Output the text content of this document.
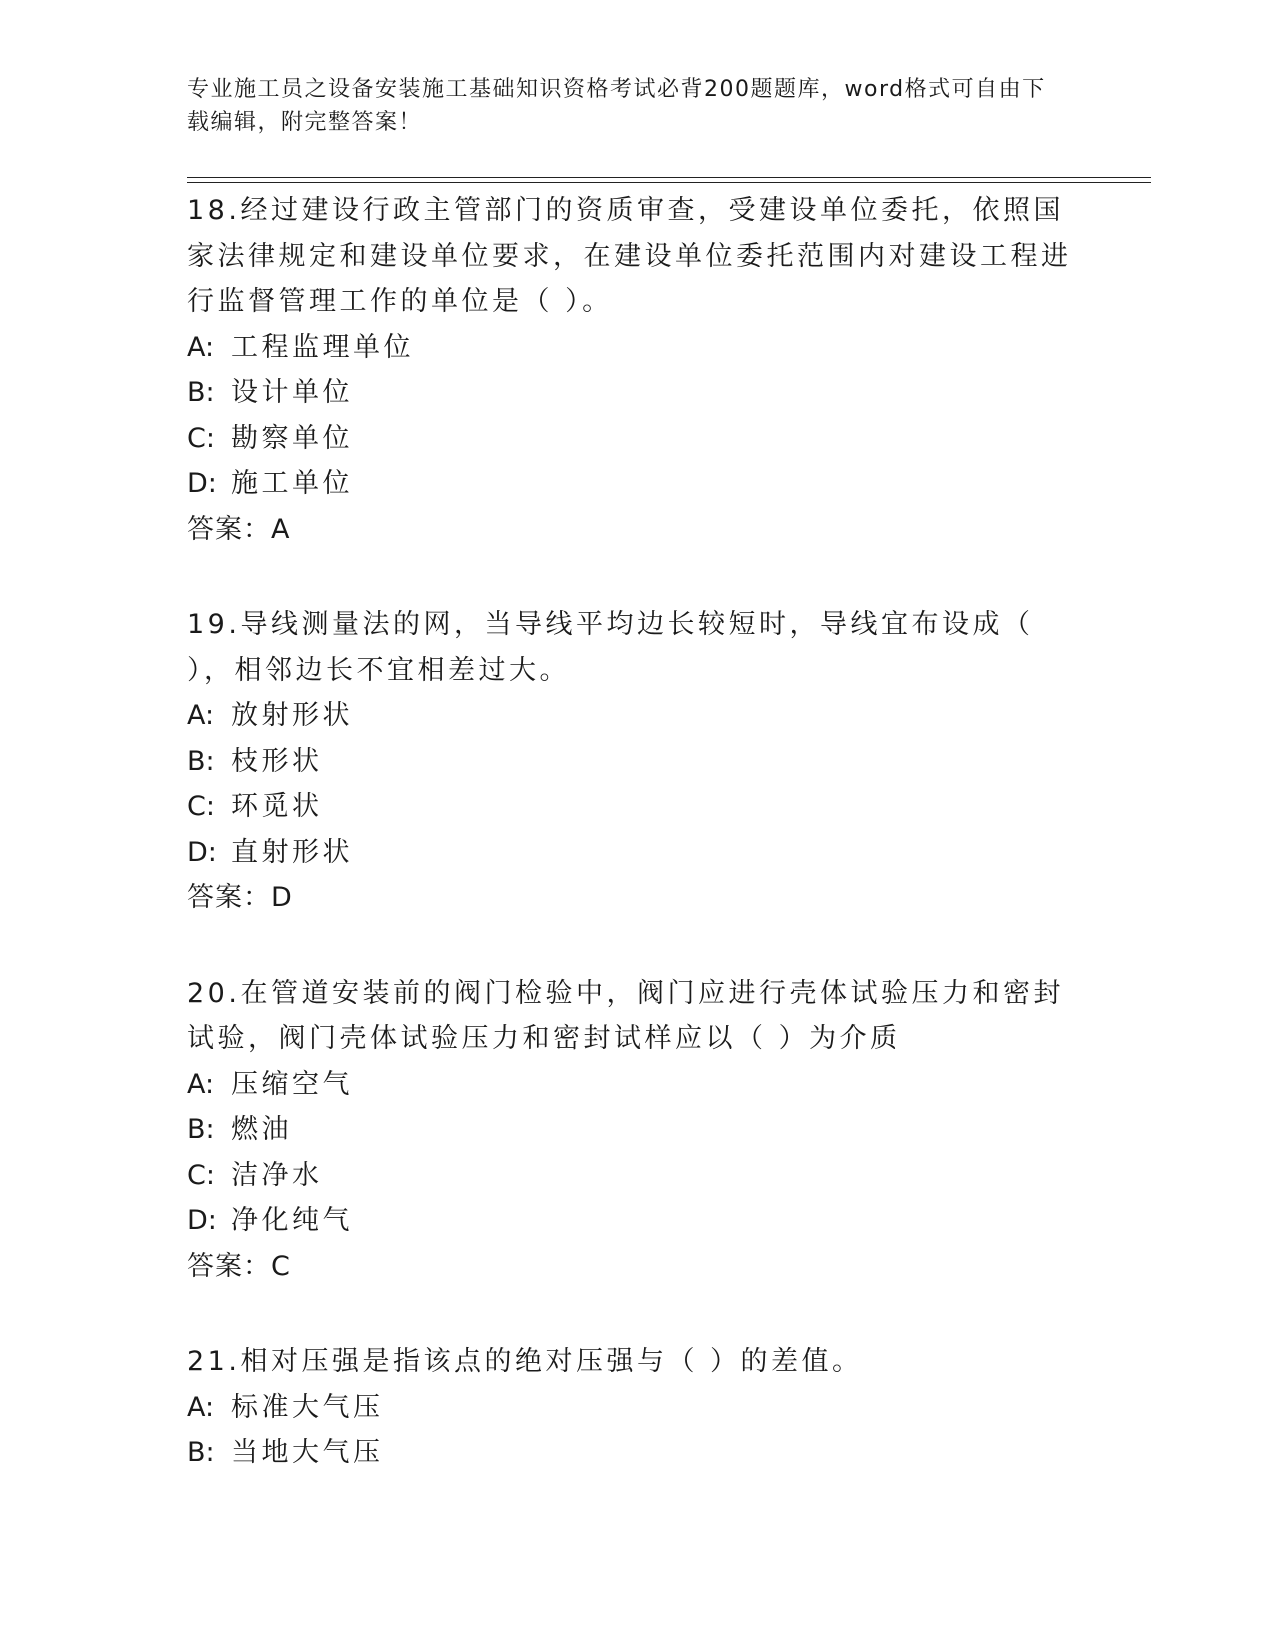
专业施工员之设备安装施工基础知识资格考试必背200题题库，word格式可自由下载编辑，附完整答案！
18.经过建设行政主管部门的资质审查，受建设单位委托，依照国家法律规定和建设单位要求，在建设单位委托范围内对建设工程进行监督管理工作的单位是（ ）。
A: 工程监理单位
B: 设计单位
C: 勘察单位
D: 施工单位
答案：A
19.导线测量法的网，当导线平均边长较短时，导线宜布设成（ ），相邻边长不宜相差过大。
A: 放射形状
B: 枝形状
C: 环觅状
D: 直射形状
答案：D
20.在管道安装前的阀门检验中，阀门应进行壳体试验压力和密封试验，阀门壳体试验压力和密封试样应以（ ）为介质
A: 压缩空气
B: 燃油
C: 洁净水
D: 净化纯气
答案：C
21.相对压强是指该点的绝对压强与（ ）的差值。
A: 标准大气压
B: 当地大气压
